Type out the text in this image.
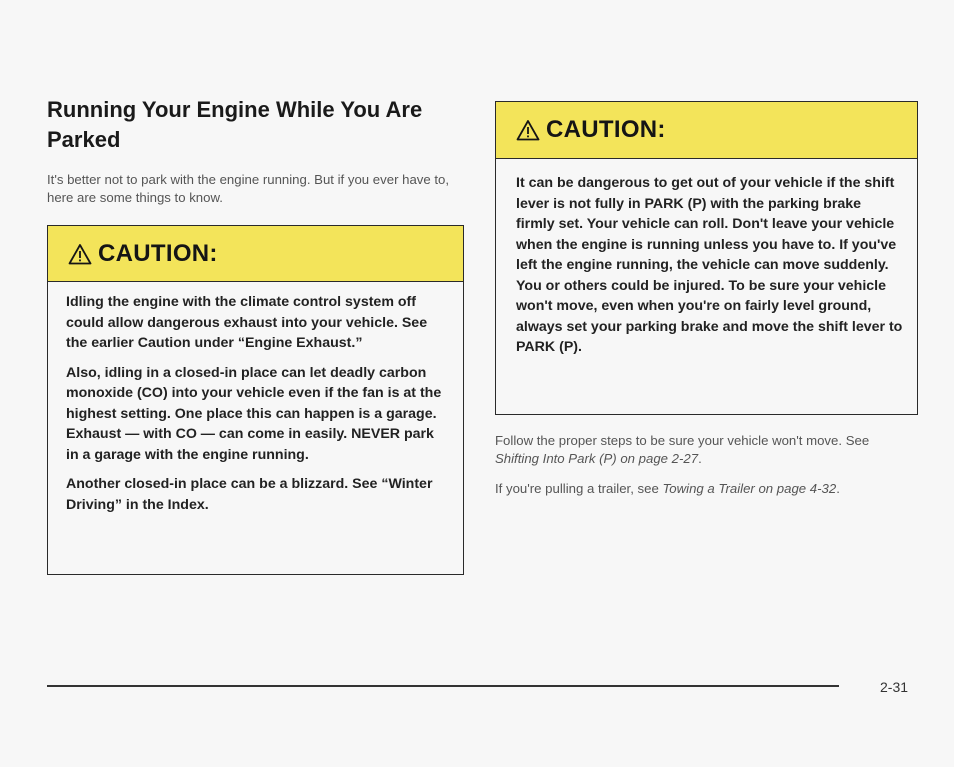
Running Your Engine While You Are Parked

It's better not to park with the engine running. But if you ever have to, here are some things to know.

CAUTION:

Idling the engine with the climate control system off could allow dangerous exhaust into your vehicle. See the earlier Caution under “Engine Exhaust.”

Also, idling in a closed-in place can let deadly carbon monoxide (CO) into your vehicle even if the fan is at the highest setting. One place this can happen is a garage. Exhaust — with CO — can come in easily. NEVER park in a garage with the engine running.

Another closed-in place can be a blizzard. See “Winter Driving” in the Index.

CAUTION:

It can be dangerous to get out of your vehicle if the shift lever is not fully in PARK (P) with the parking brake firmly set. Your vehicle can roll. Don't leave your vehicle when the engine is running unless you have to. If you've left the engine running, the vehicle can move suddenly. You or others could be injured. To be sure your vehicle won't move, even when you're on fairly level ground, always set your parking brake and move the shift lever to PARK (P).

Follow the proper steps to be sure your vehicle won't move. See Shifting Into Park (P) on page 2-27.

If you're pulling a trailer, see Towing a Trailer on page 4-32.

2-31
